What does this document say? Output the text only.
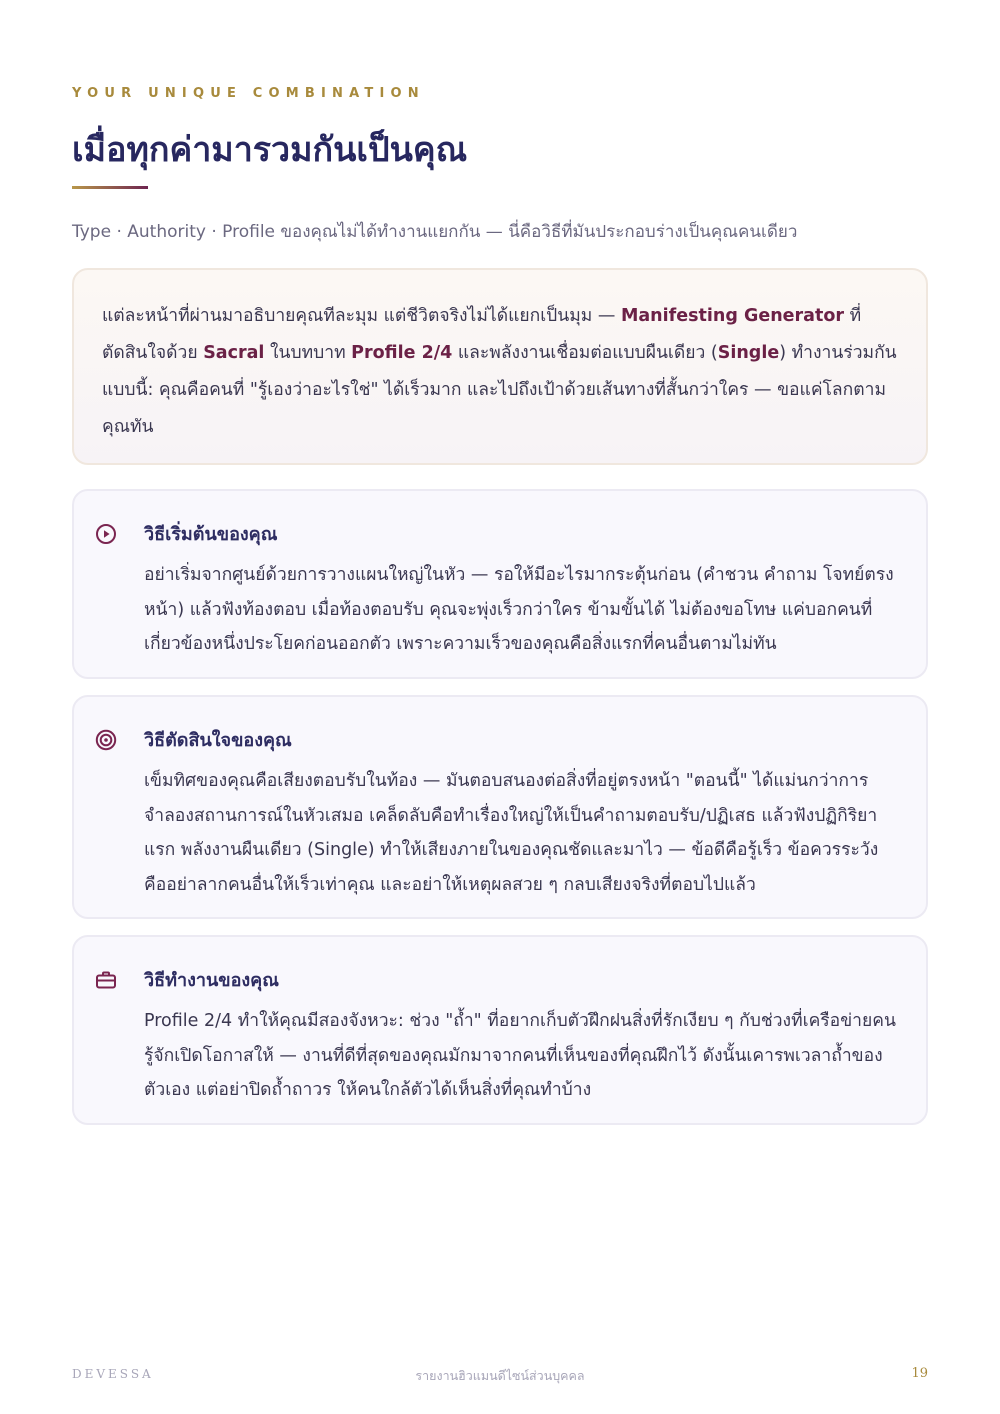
YOUR UNIQUE COMBINATION
เมื่อทุกค่ามารวมกันเป็นคุณ
Type · Authority · Profile ของคุณไม่ได้ทำงานแยกกัน — นี่คือวิธีที่มันประกอบร่างเป็นคุณคนเดียว
แต่ละหน้าที่ผ่านมาอธิบายคุณทีละมุม แต่ชีวิตจริงไม่ได้แยกเป็นมุม — Manifesting Generator ที่ตัดสินใจด้วย Sacral ในบทบาท Profile 2/4 และพลังงานเชื่อมต่อแบบผืนเดียว (Single) ทำงานร่วมกันแบบนี้: คุณคือคนที่ "รู้เองว่าอะไรใช่" ได้เร็วมาก และไปถึงเป้าด้วยเส้นทางที่สั้นกว่าใคร — ขอแค่โลกตามคุณทัน
วิธีเริ่มต้นของคุณ
อย่าเริ่มจากศูนย์ด้วยการวางแผนใหญ่ในหัว — รอให้มีอะไรมากระตุ้นก่อน (คำชวน คำถาม โจทย์ตรงหน้า) แล้วฟังท้องตอบ เมื่อท้องตอบรับ คุณจะพุ่งเร็วกว่าใคร ข้ามขั้นได้ ไม่ต้องขอโทษ แค่บอกคนที่เกี่ยวข้องหนึ่งประโยคก่อนออกตัว เพราะความเร็วของคุณคือสิ่งแรกที่คนอื่นตามไม่ทัน
วิธีตัดสินใจของคุณ
เข็มทิศของคุณคือเสียงตอบรับในท้อง — มันตอบสนองต่อสิ่งที่อยู่ตรงหน้า "ตอนนี้" ได้แม่นกว่าการจำลองสถานการณ์ในหัวเสมอ เคล็ดลับคือทำเรื่องใหญ่ให้เป็นคำถามตอบรับ/ปฏิเสธ แล้วฟังปฏิกิริยาแรก พลังงานผืนเดียว (Single) ทำให้เสียงภายในของคุณชัดและมาไว — ข้อดีคือรู้เร็ว ข้อควรระวังคืออย่าลากคนอื่นให้เร็วเท่าคุณ และอย่าให้เหตุผลสวย ๆ กลบเสียงจริงที่ตอบไปแล้ว
วิธีทำงานของคุณ
Profile 2/4 ทำให้คุณมีสองจังหวะ: ช่วง "ถ้ำ" ที่อยากเก็บตัวฝึกฝนสิ่งที่รักเงียบ ๆ กับช่วงที่เครือข่ายคนรู้จักเปิดโอกาสให้ — งานที่ดีที่สุดของคุณมักมาจากคนที่เห็นของที่คุณฝึกไว้ ดังนั้นเคารพเวลาถ้ำของตัวเอง แต่อย่าปิดถ้ำถาวร ให้คนใกล้ตัวได้เห็นสิ่งที่คุณทำบ้าง
DEVESSA	รายงานฮิวแมนดีไซน์ส่วนบุคคล	19
